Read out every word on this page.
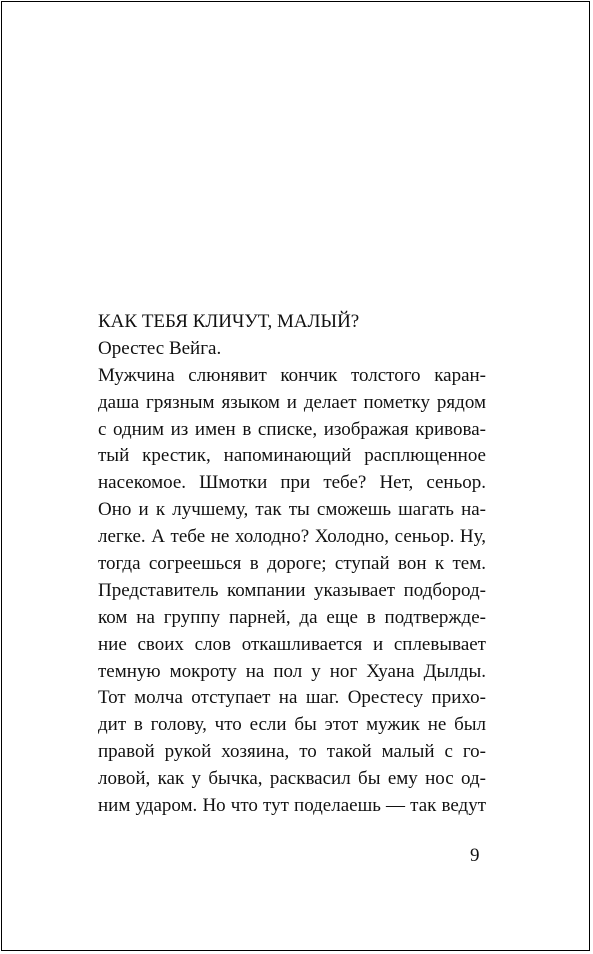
КАК ТЕБЯ КЛИЧУТ, МАЛЫЙ?
Орестес Вейга.
Мужчина слюнявит кончик толстого каран-
даша грязным языком и делает пометку рядом
с одним из имен в списке, изображая кривова-
тый крестик, напоминающий расплющенное
насекомое. Шмотки при тебе? Нет, сеньор.
Оно и к лучшему, так ты сможешь шагать на-
легке. А тебе не холодно? Холодно, сеньор. Ну,
тогда согреешься в дороге; ступай вон к тем.
Представитель компании указывает подбород-
ком на группу парней, да еще в подтвержде-
ние своих слов откашливается и сплевывает
темную мокроту на пол у ног Хуана Дылды.
Тот молча отступает на шаг. Орестесу прихо-
дит в голову, что если бы этот мужик не был
правой рукой хозяина, то такой малый с го-
ловой, как у бычка, расквасил бы ему нос од-
ним ударом. Но что тут поделаешь — так ведут
9
